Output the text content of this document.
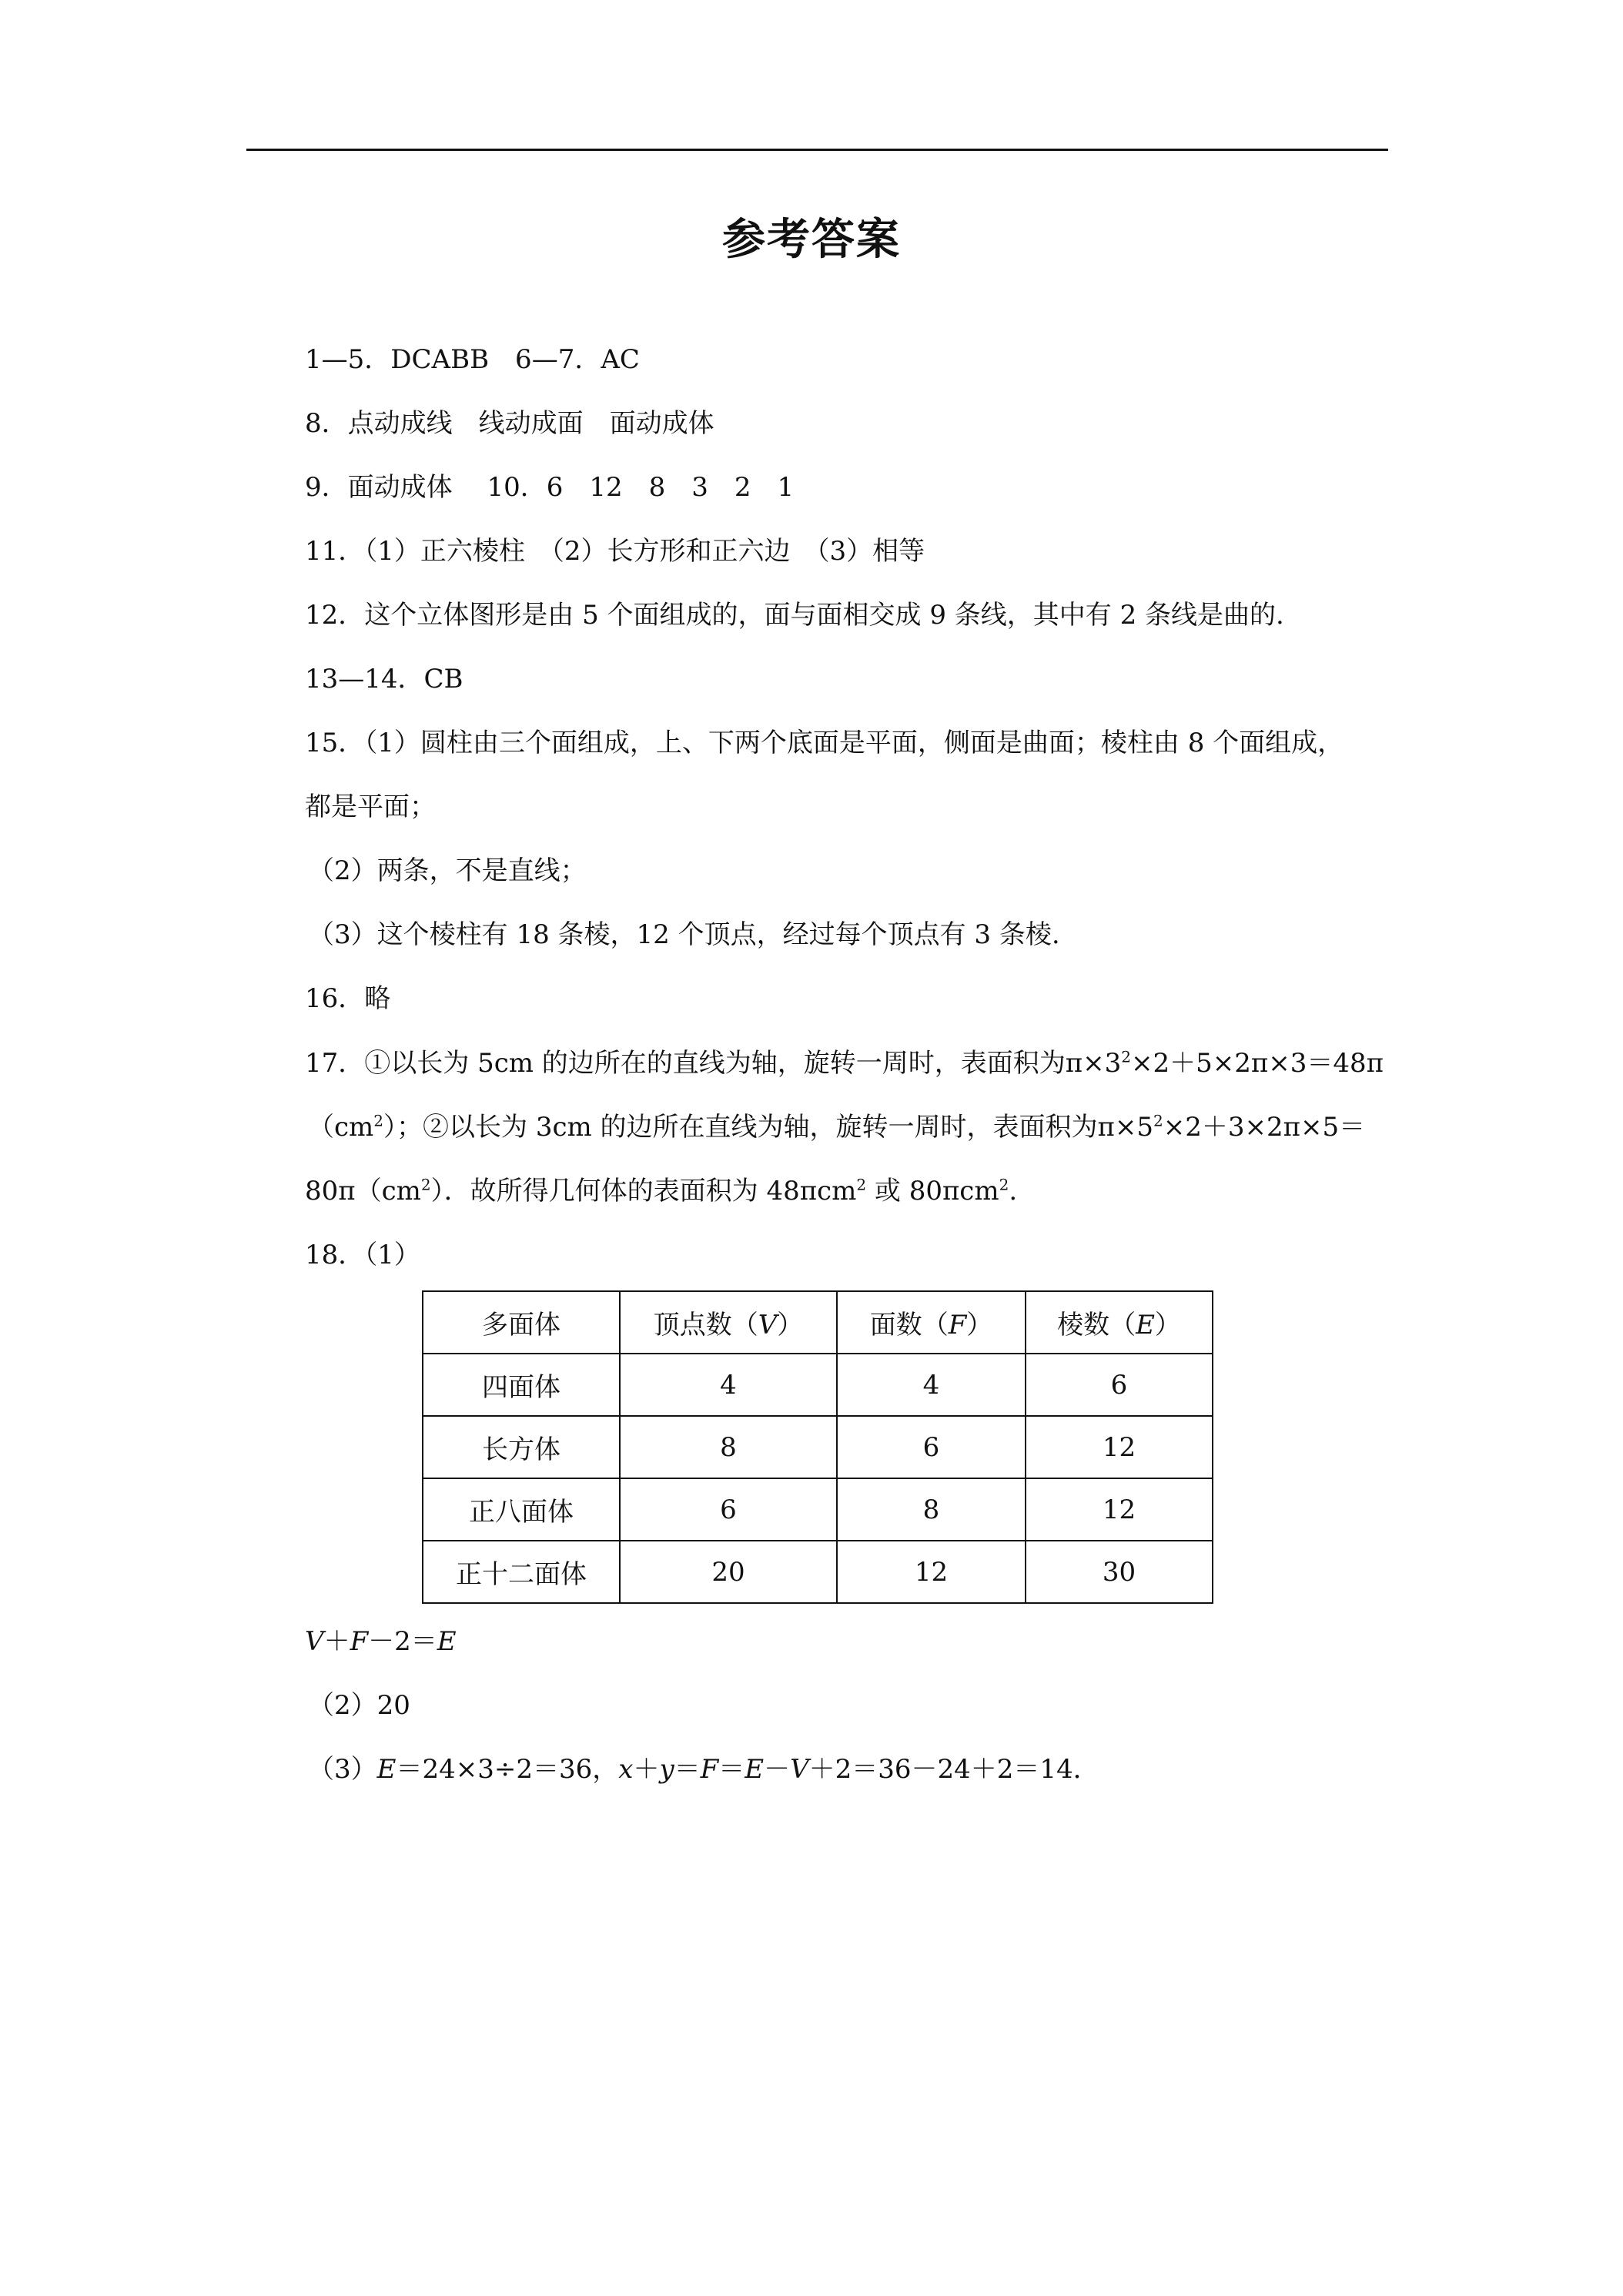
参考答案
1—5．DCABB　6—7．AC
8．点动成线　线动成面　面动成体
9．面动成体　 10．6　12　8　3　2　1
11．（1）正六棱柱　（2）长方形和正六边　（3）相等
12．这个立体图形是由 5 个面组成的，面与面相交成 9 条线，其中有 2 条线是曲的.
13—14．CB
15．（1）圆柱由三个面组成，上、下两个底面是平面，侧面是曲面；棱柱由 8 个面组成，
都是平面；
（2）两条，不是直线；
（3）这个棱柱有 18 条棱，12 个顶点，经过每个顶点有 3 条棱.
16．略
17．①以长为 5cm 的边所在的直线为轴，旋转一周时，表面积为$\pi\times 3^2\times 2+5\times 2\pi\times 3=48\pi$
$(cm^2)$；②以长为 3cm 的边所在直线为轴，旋转一周时，表面积为$\pi\times 5^2\times 2+3\times 2\pi\times 5=$
$80\pi(cm^2)$．故所得几何体的表面积为 48πcm$^2$ 或 80πcm$^2$.
18．（1）
多面体	顶点数（V）	面数（F）	棱数（E）
四面体	4	4	6
长方体	8	6	12
正八面体	6	8	12
正十二面体	20	12	30
V＋F－2＝E
（2）20
（3）E＝24×3÷2＝36，x＋y＝F＝E－V＋2＝36－24＋2＝14．
